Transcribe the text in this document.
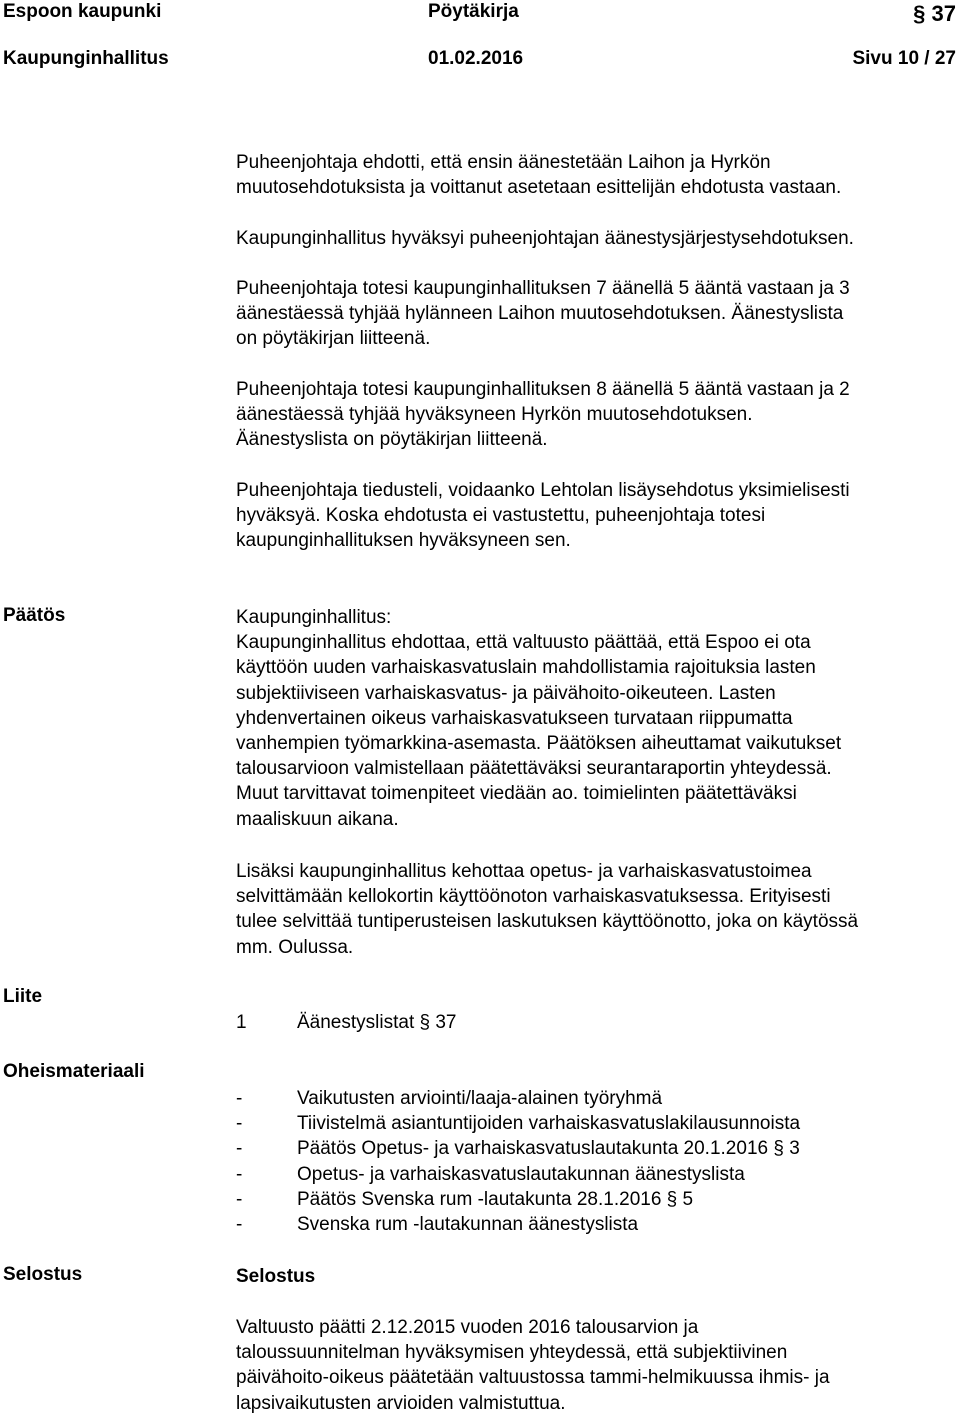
Espoon kaupunki	Pöytäkirja	§ 37
Kaupunginhallitus	01.02.2016	Sivu 10 / 27
Puheenjohtaja ehdotti, että ensin äänestetään Laihon ja Hyrkön
muutosehdotuksista ja voittanut asetetaan esittelijän ehdotusta vastaan.
Kaupunginhallitus hyväksyi puheenjohtajan äänestysjärjestysehdotuksen.
Puheenjohtaja totesi kaupunginhallituksen 7 äänellä 5 ääntä vastaan ja 3
äänestäessä tyhjää hylänneen Laihon muutosehdotuksen. Äänestyslista
on pöytäkirjan liitteenä.
Puheenjohtaja totesi kaupunginhallituksen 8 äänellä 5 ääntä vastaan ja 2
äänestäessä tyhjää hyväksyneen Hyrkön muutosehdotuksen.
Äänestyslista on pöytäkirjan liitteenä.
Puheenjohtaja tiedusteli, voidaanko Lehtolan lisäysehdotus yksimielisesti
hyväksyä. Koska ehdotusta ei vastustettu, puheenjohtaja totesi
kaupunginhallituksen hyväksyneen sen.
Päätös	Kaupunginhallitus:
Kaupunginhallitus ehdottaa, että valtuusto päättää, että Espoo ei ota
käyttöön uuden varhaiskasvatuslain mahdollistamia rajoituksia lasten
subjektiiviseen varhaiskasvatus- ja päivähoito-oikeuteen. Lasten
yhdenvertainen oikeus varhaiskasvatukseen turvataan riippumatta
vanhempien työmarkkina-asemasta. Päätöksen aiheuttamat vaikutukset
talousarvioon valmistellaan päätettäväksi seurantaraportin yhteydessä.
Muut tarvittavat toimenpiteet viedään ao. toimielinten päätettäväksi
maaliskuun aikana.
Lisäksi kaupunginhallitus kehottaa opetus- ja varhaiskasvatustoimea
selvittämään kellokortin käyttöönoton varhaiskasvatuksessa. Erityisesti
tulee selvittää tuntiperusteisen laskutuksen käyttöönotto, joka on käytössä
mm. Oulussa.
Liite
1	Äänestyslistat § 37
Oheismateriaali
-	Vaikutusten arviointi/laaja-alainen työryhmä
-	Tiivistelmä asiantuntijoiden varhaiskasvatuslakilausunnoista
-	Päätös Opetus- ja varhaiskasvatuslautakunta 20.1.2016 § 3
-	Opetus- ja varhaiskasvatuslautakunnan äänestyslista
-	Päätös Svenska rum -lautakunta 28.1.2016 § 5
-	Svenska rum -lautakunnan äänestyslista
Selostus	Selostus
Valtuusto päätti 2.12.2015 vuoden 2016 talousarvion ja
taloussuunnitelman hyväksymisen yhteydessä, että subjektiivinen
päivähoito-oikeus päätetään valtuustossa tammi-helmikuussa ihmis- ja
lapsivaikutusten arvioiden valmistuttua.
